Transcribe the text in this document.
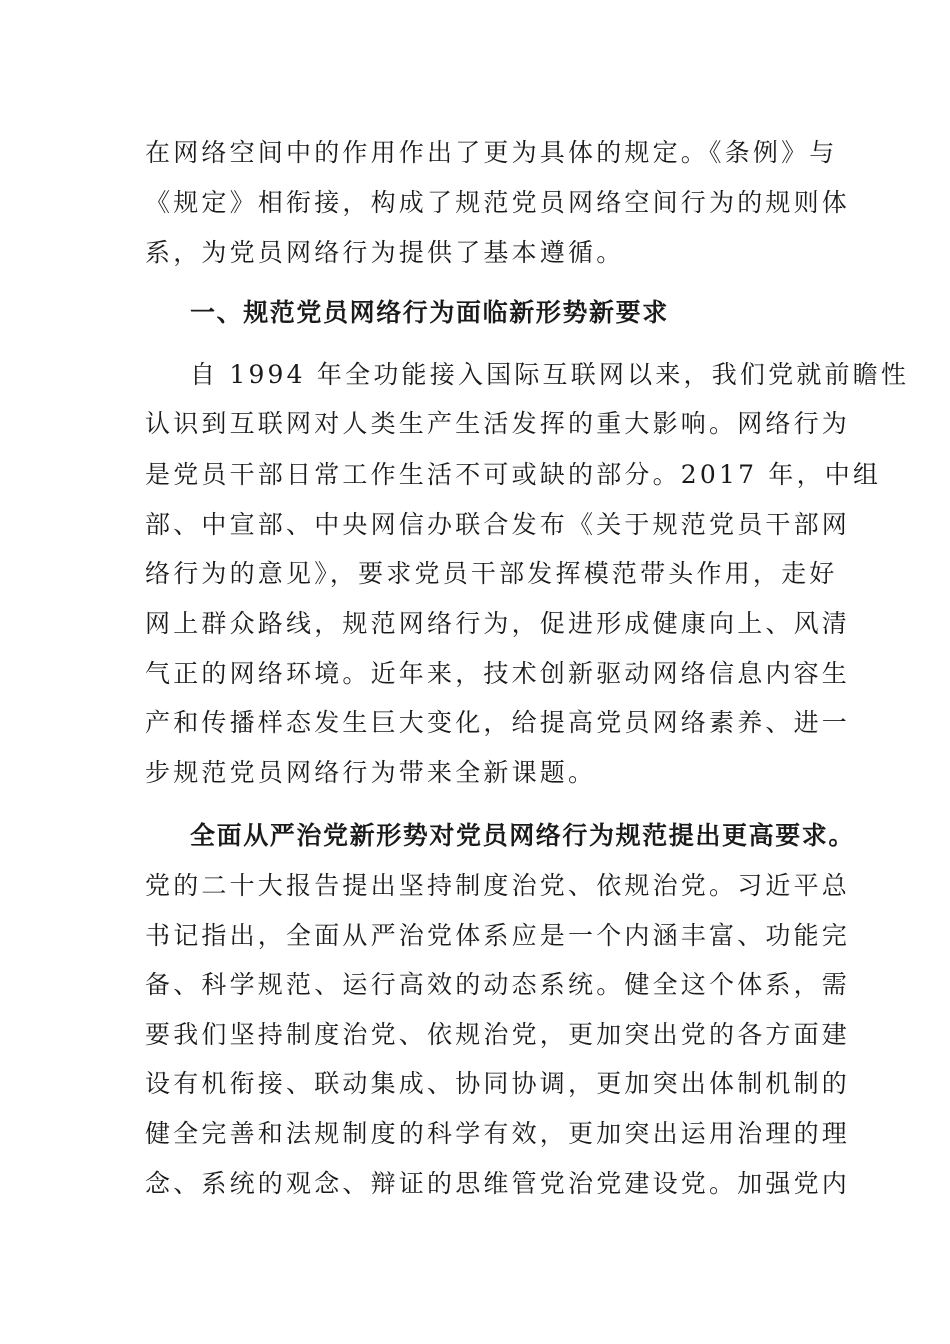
在网络空间中的作用作出了更为具体的规定。《条例》与
《规定》相衔接，构成了规范党员网络空间行为的规则体
系，为党员网络行为提供了基本遵循。
一、规范党员网络行为面临新形势新要求
自 1994 年全功能接入国际互联网以来，我们党就前瞻性
认识到互联网对人类生产生活发挥的重大影响。网络行为
是党员干部日常工作生活不可或缺的部分。2017 年，中组
部、中宣部、中央网信办联合发布《关于规范党员干部网
络行为的意见》，要求党员干部发挥模范带头作用，走好
网上群众路线，规范网络行为，促进形成健康向上、风清
气正的网络环境。近年来，技术创新驱动网络信息内容生
产和传播样态发生巨大变化，给提高党员网络素养、进一
步规范党员网络行为带来全新课题。
全面从严治党新形势对党员网络行为规范提出更高要求。
党的二十大报告提出坚持制度治党、依规治党。习近平总
书记指出，全面从严治党体系应是一个内涵丰富、功能完
备、科学规范、运行高效的动态系统。健全这个体系，需
要我们坚持制度治党、依规治党，更加突出党的各方面建
设有机衔接、联动集成、协同协调，更加突出体制机制的
健全完善和法规制度的科学有效，更加突出运用治理的理
念、系统的观念、辩证的思维管党治党建设党。加强党内
